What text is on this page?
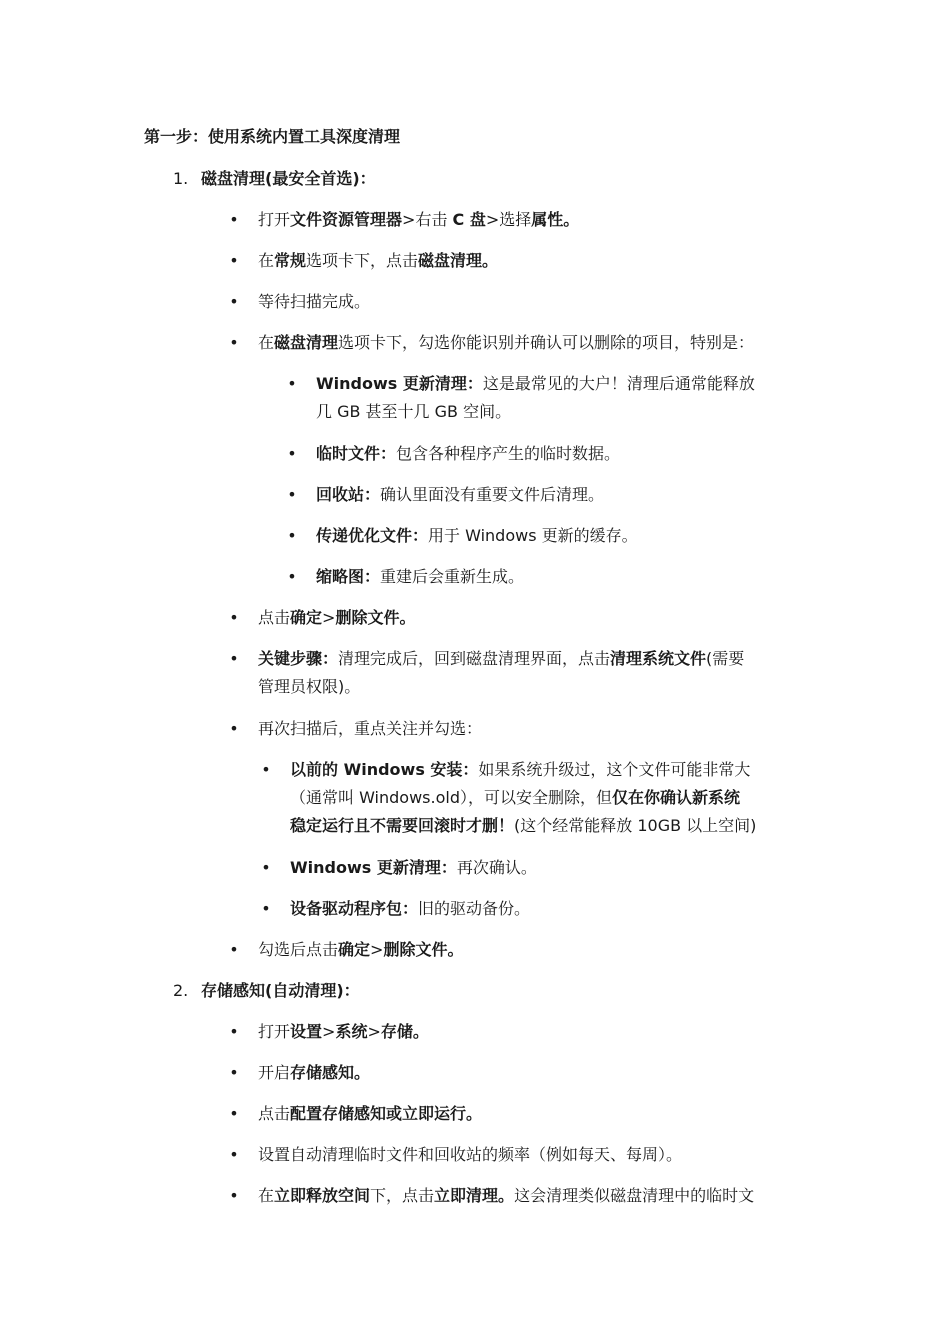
第一步：使用系统内置工具深度清理
1. 磁盘清理(最安全首选)：
• 打开文件资源管理器>右击 C 盘>选择属性。
• 在常规选项卡下，点击磁盘清理。
• 等待扫描完成。
• 在磁盘清理选项卡下，勾选你能识别并确认可以删除的项目，特别是：
• Windows 更新清理：这是最常见的大户！清理后通常能释放
几 GB 甚至十几 GB 空间。
• 临时文件：包含各种程序产生的临时数据。
• 回收站：确认里面没有重要文件后清理。
• 传递优化文件：用于 Windows 更新的缓存。
• 缩略图：重建后会重新生成。
• 点击确定>删除文件。
• 关键步骤：清理完成后，回到磁盘清理界面，点击清理系统文件(需要
管理员权限)。
• 再次扫描后，重点关注并勾选：
• 以前的 Windows 安装：如果系统升级过，这个文件可能非常大
（通常叫 Windows.old），可以安全删除，但仅在你确认新系统
稳定运行且不需要回滚时才删！(这个经常能释放 10GB 以上空间)
• Windows 更新清理：再次确认。
• 设备驱动程序包：旧的驱动备份。
• 勾选后点击确定>删除文件。
2. 存储感知(自动清理)：
• 打开设置>系统>存储。
• 开启存储感知。
• 点击配置存储感知或立即运行。
• 设置自动清理临时文件和回收站的频率（例如每天、每周）。
• 在立即释放空间下，点击立即清理。这会清理类似磁盘清理中的临时文
